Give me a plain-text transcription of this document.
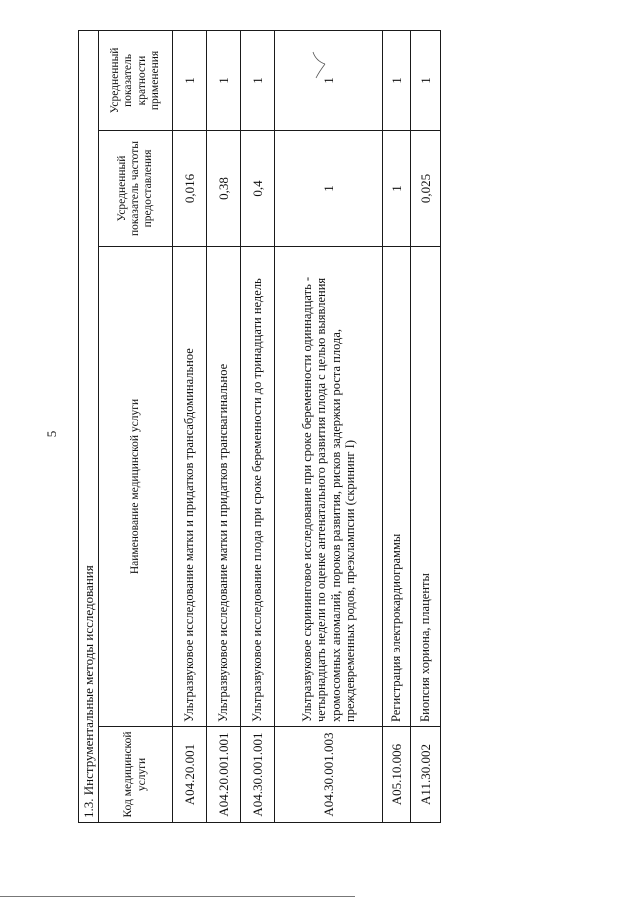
5
1.3. Инструментальные методы исследования			
Код медицинской услуги	Наименование медицинской услуги	Усредненный показатель частоты предоставления	Усредненный показатель кратности применения
A04.20.001	Ультразвуковое исследование матки и придатков трансабдоминальное	0,016	1
A04.20.001.001	Ультразвуковое исследование матки и придатков трансвагинальное	0,38	1
A04.30.001.001	Ультразвуковое исследование плода при сроке беременности до тринадцати недель	0,4	1
A04.30.001.003	Ультразвуковое скрининговое исследование при сроке беременности одиннадцать - четырнадцать недели по оценке антенатального развития плода с целью выявления хромосомных аномалий, пороков развития, рисков задержки роста плода, преждевременных родов, преэклампсии (скрининг I)	1	1
A05.10.006	Регистрация электрокардиограммы	1	1
A11.30.002	Биопсия хориона, плаценты	0,025	1
